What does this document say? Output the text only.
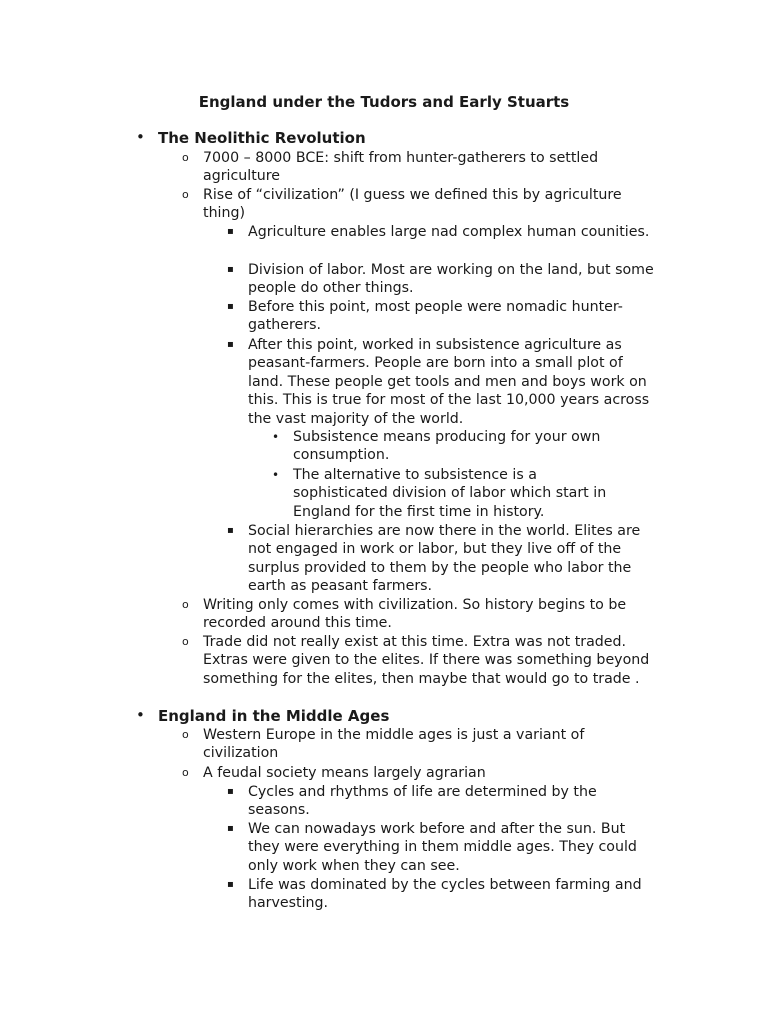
England under the Tudors and Early Stuarts
• The Neolithic Revolution
o 7000 – 8000 BCE: shift from hunter-gatherers to settled agriculture
o Rise of “civilization” (I guess we defined this by agriculture thing)
▪ Agriculture enables large nad complex human counities.
▪ Division of labor. Most are working on the land, but some people do other things.
▪ Before this point, most people were nomadic hunter-gatherers.
▪ After this point, worked in subsistence agriculture as peasant-farmers. People are born into a small plot of land. These people get tools and men and boys work on this. This is true for most of the last 10,000 years across the vast majority of the world.
• Subsistence means producing for your own consumption.
• The alternative to subsistence is a sophisticated division of labor which start in England for the first time in history.
▪ Social hierarchies are now there in the world. Elites are not engaged in work or labor, but they live off of the surplus provided to them by the people who labor the earth as peasant farmers.
o Writing only comes with civilization. So history begins to be recorded around this time.
o Trade did not really exist at this time. Extra was not traded. Extras were given to the elites. If there was something beyond something for the elites, then maybe that would go to trade .
• England in the Middle Ages
o Western Europe in the middle ages is just a variant of civilization
o A feudal society means largely agrarian
▪ Cycles and rhythms of life are determined by the seasons.
▪ We can nowadays work before and after the sun. But they were everything in them middle ages. They could only work when they can see.
▪ Life was dominated by the cycles between farming and harvesting.
